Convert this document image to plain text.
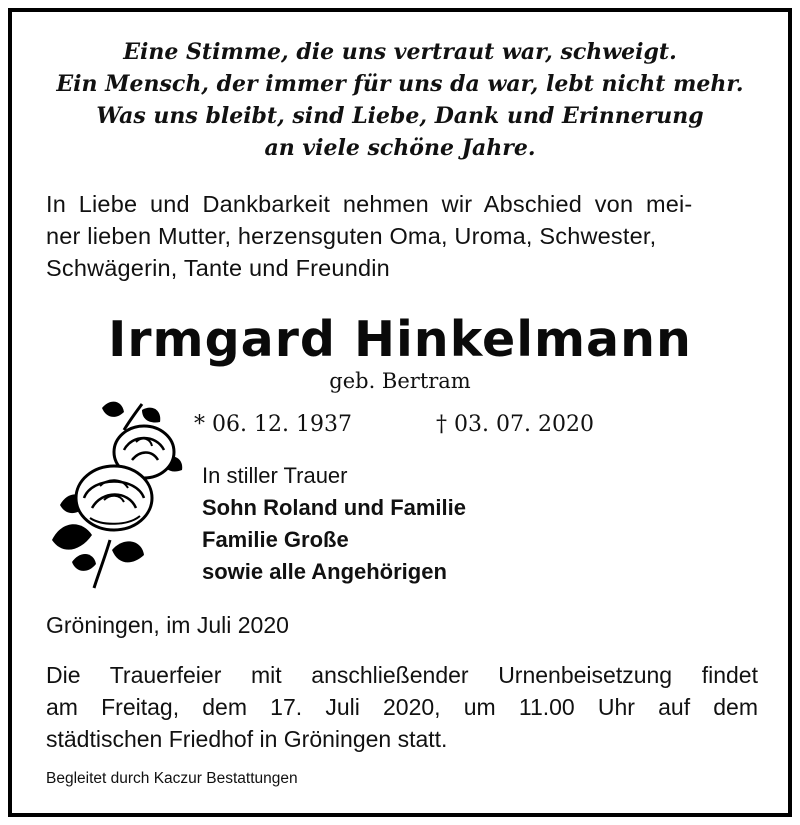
Eine Stimme, die uns vertraut war, schweigt.
Ein Mensch, der immer für uns da war, lebt nicht mehr.
Was uns bleibt, sind Liebe, Dank und Erinnerung
an viele schöne Jahre.
In Liebe und Dankbarkeit nehmen wir Abschied von mei-
ner lieben Mutter, herzensguten Oma, Uroma, Schwester,
Schwägerin, Tante und Freundin
Irmgard Hinkelmann
geb. Bertram
* 06. 12. 1937	† 03. 07. 2020
In stiller Trauer
Sohn Roland und Familie
Familie Große
sowie alle Angehörigen
Gröningen, im Juli 2020
Die Trauerfeier mit anschließender Urnenbeisetzung findet
am Freitag, dem 17. Juli 2020, um 11.00 Uhr auf dem
städtischen Friedhof in Gröningen statt.
Begleitet durch Kaczur Bestattungen
